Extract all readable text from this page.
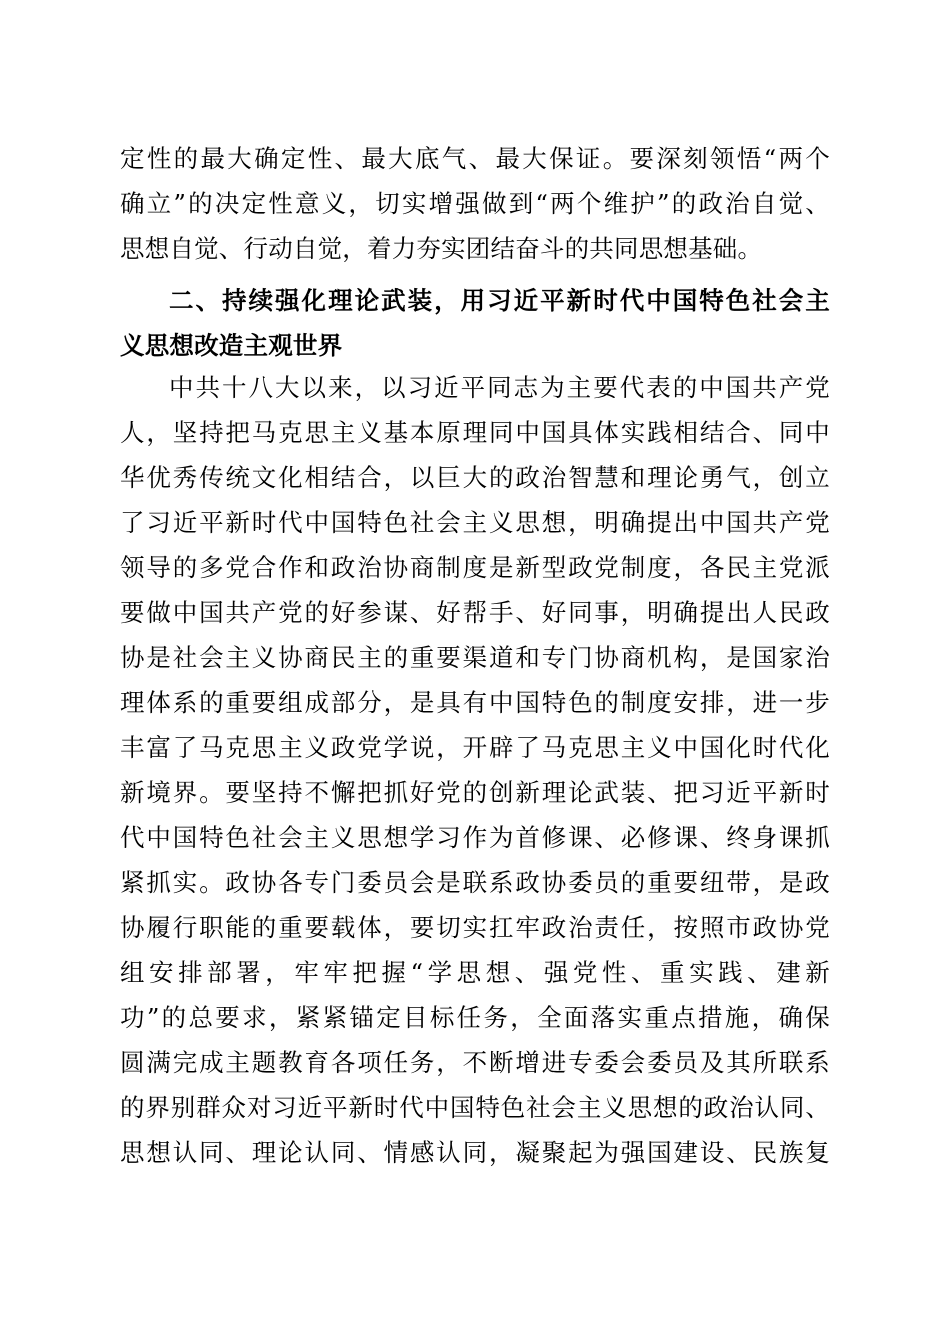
定性的最大确定性、最大底气、最大保证。要深刻领悟“两个
确立”的决定性意义，切实增强做到“两个维护”的政治自觉、
思想自觉、行动自觉，着力夯实团结奋斗的共同思想基础。
二、持续强化理论武装，用习近平新时代中国特色社会主
义思想改造主观世界
中共十八大以来，以习近平同志为主要代表的中国共产党
人，坚持把马克思主义基本原理同中国具体实践相结合、同中
华优秀传统文化相结合，以巨大的政治智慧和理论勇气，创立
了习近平新时代中国特色社会主义思想，明确提出中国共产党
领导的多党合作和政治协商制度是新型政党制度，各民主党派
要做中国共产党的好参谋、好帮手、好同事，明确提出人民政
协是社会主义协商民主的重要渠道和专门协商机构，是国家治
理体系的重要组成部分，是具有中国特色的制度安排，进一步
丰富了马克思主义政党学说，开辟了马克思主义中国化时代化
新境界。要坚持不懈把抓好党的创新理论武装、把习近平新时
代中国特色社会主义思想学习作为首修课、必修课、终身课抓
紧抓实。政协各专门委员会是联系政协委员的重要纽带，是政
协履行职能的重要载体，要切实扛牢政治责任，按照市政协党
组安排部署，牢牢把握“学思想、强党性、重实践、建新
功”的总要求，紧紧锚定目标任务，全面落实重点措施，确保
圆满完成主题教育各项任务，不断增进专委会委员及其所联系
的界别群众对习近平新时代中国特色社会主义思想的政治认同、
思想认同、理论认同、情感认同，凝聚起为强国建设、民族复
